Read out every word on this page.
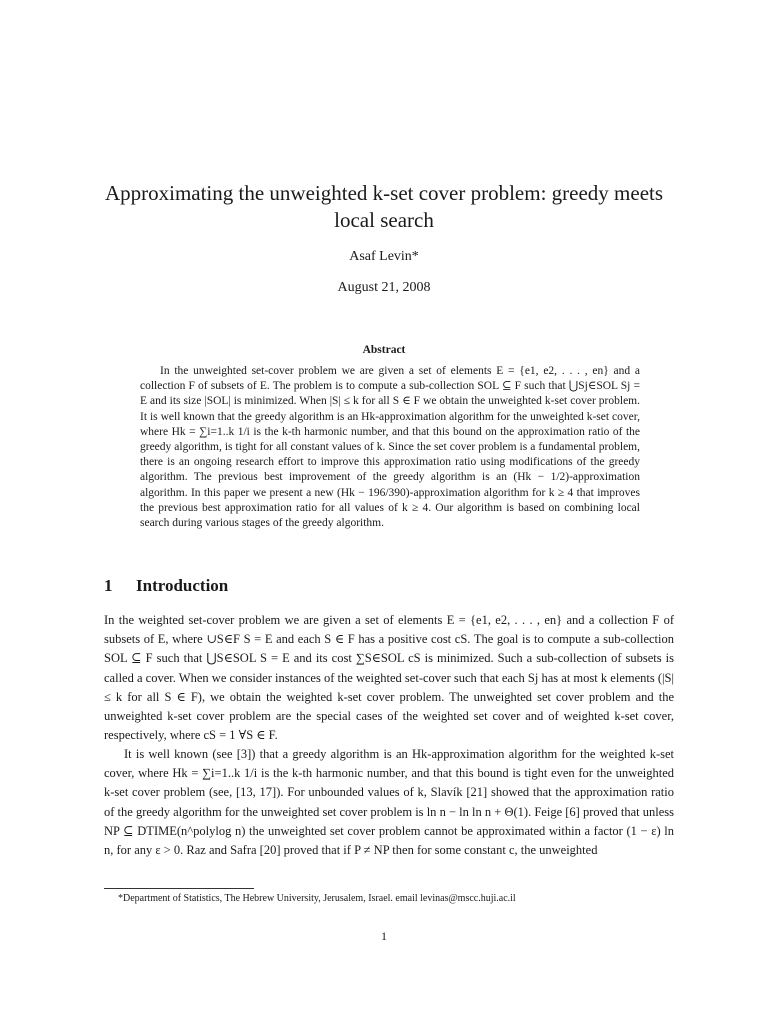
Approximating the unweighted k-set cover problem: greedy meets local search
Asaf Levin*
August 21, 2008
Abstract
In the unweighted set-cover problem we are given a set of elements E = {e1, e2, . . . , en} and a collection F of subsets of E. The problem is to compute a sub-collection SOL ⊆ F such that ⋃Sj∈SOL Sj = E and its size |SOL| is minimized. When |S| ≤ k for all S ∈ F we obtain the unweighted k-set cover problem. It is well known that the greedy algorithm is an Hk-approximation algorithm for the unweighted k-set cover, where Hk = ∑i=1..k 1/i is the k-th harmonic number, and that this bound on the approximation ratio of the greedy algorithm, is tight for all constant values of k. Since the set cover problem is a fundamental problem, there is an ongoing research effort to improve this approximation ratio using modifications of the greedy algorithm. The previous best improvement of the greedy algorithm is an (Hk − 1/2)-approximation algorithm. In this paper we present a new (Hk − 196/390)-approximation algorithm for k ≥ 4 that improves the previous best approximation ratio for all values of k ≥ 4. Our algorithm is based on combining local search during various stages of the greedy algorithm.
1 Introduction
In the weighted set-cover problem we are given a set of elements E = {e1, e2, . . . , en} and a collection F of subsets of E, where ∪S∈F S = E and each S ∈ F has a positive cost cS. The goal is to compute a sub-collection SOL ⊆ F such that ⋃S∈SOL S = E and its cost ∑S∈SOL cS is minimized. Such a sub-collection of subsets is called a cover. When we consider instances of the weighted set-cover such that each Sj has at most k elements (|S| ≤ k for all S ∈ F), we obtain the weighted k-set cover problem. The unweighted set cover problem and the unweighted k-set cover problem are the special cases of the weighted set cover and of weighted k-set cover, respectively, where cS = 1 ∀S ∈ F.
It is well known (see [3]) that a greedy algorithm is an Hk-approximation algorithm for the weighted k-set cover, where Hk = ∑i=1..k 1/i is the k-th harmonic number, and that this bound is tight even for the unweighted k-set cover problem (see, [13, 17]). For unbounded values of k, Slavík [21] showed that the approximation ratio of the greedy algorithm for the unweighted set cover problem is ln n − ln ln n + Θ(1). Feige [6] proved that unless NP ⊆ DTIME(n^polylog n) the unweighted set cover problem cannot be approximated within a factor (1 − ε) ln n, for any ε > 0. Raz and Safra [20] proved that if P ≠ NP then for some constant c, the unweighted
*Department of Statistics, The Hebrew University, Jerusalem, Israel. email levinas@mscc.huji.ac.il
1
